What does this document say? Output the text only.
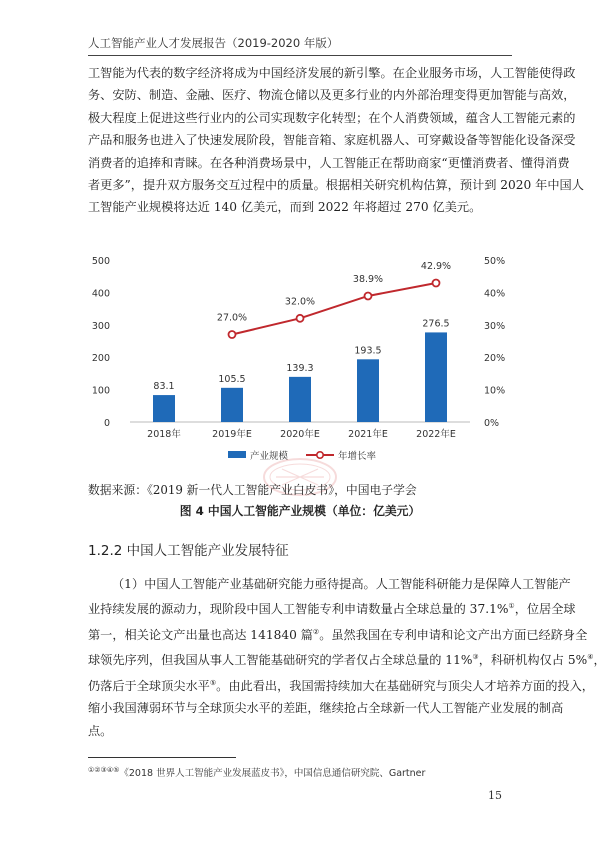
人工智能产业人才发展报告（2019-2020 年版）
工智能为代表的数字经济将成为中国经济发展的新引擎。在企业服务市场，人工智能使得政
务、安防、制造、金融、医疗、物流仓储以及更多行业的内外部治理变得更加智能与高效，
极大程度上促进这些行业内的公司实现数字化转型；在个人消费领域，蕴含人工智能元素的
产品和服务也进入了快速发展阶段，智能音箱、家庭机器人、可穿戴设备等智能化设备深受
消费者的追捧和青睐。在各种消费场景中，人工智能正在帮助商家“更懂消费者、懂得消费
者更多”，提升双方服务交互过程中的质量。根据相关研究机构估算，预计到 2020 年中国人
工智能产业规模将达近 140 亿美元，而到 2022 年将超过 270 亿美元。
0
100
200
300
400
500
0%
10%
20%
30%
40%
50%
83.1
105.5
139.3
193.5
276.5
27.0%
32.0%
38.9%
42.9%
2018年	2019年E	2020年E	2021年E	2022年E
产业规模	年增长率
数据来源：《2019 新一代人工智能产业白皮书》，中国电子学会
图 4 中国人工智能产业规模（单位：亿美元）
1.2.2 中国人工智能产业发展特征
（1）中国人工智能产业基础研究能力亟待提高。人工智能科研能力是保障人工智能产
业持续发展的源动力，现阶段中国人工智能专利申请数量占全球总量的 37.1%①，位居全球
第一，相关论文产出量也高达 141840 篇②。虽然我国在专利申请和论文产出方面已经跻身全
球领先序列，但我国从事人工智能基础研究的学者仅占全球总量的 11%③，科研机构仅占 5%④，
仍落后于全球顶尖水平⑤。由此看出，我国需持续加大在基础研究与顶尖人才培养方面的投入，
缩小我国薄弱环节与全球顶尖水平的差距，继续抢占全球新一代人工智能产业发展的制高
点。
①②③④⑤《2018 世界人工智能产业发展蓝皮书》，中国信息通信研究院、Gartner
15
